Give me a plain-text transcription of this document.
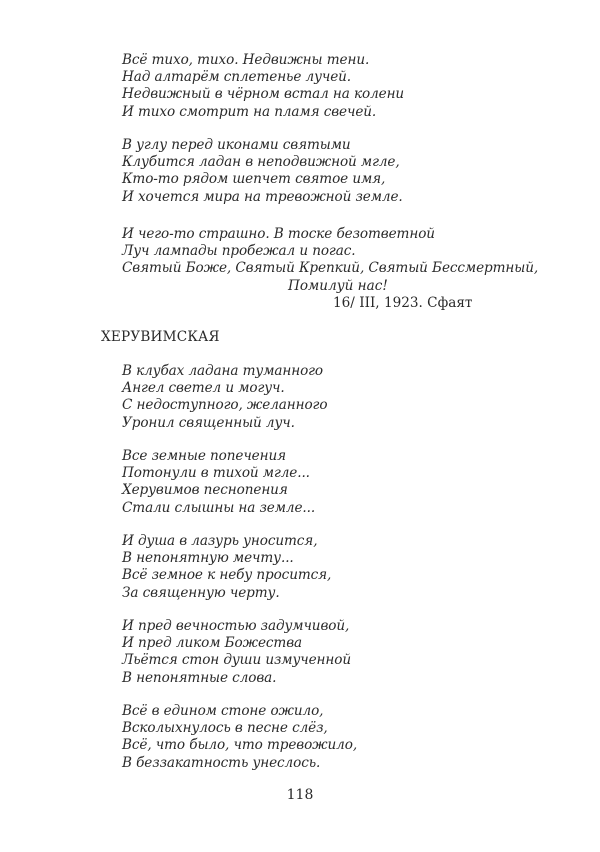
Всё тихо, тихо. Недвижны тени.
Над алтарём сплетенье лучей.
Недвижный в чёрном встал на колени
И тихо смотрит на пламя свечей.
В углу перед иконами святыми
Клубится ладан в неподвижной мгле,
Кто-то рядом шепчет святое имя,
И хочется мира на тревожной земле.
И чего-то страшно. В тоске безответной
Луч лампады пробежал и погас.
Святый Боже, Святый Крепкий, Святый Бессмертный,
Помилуй нас!
16/ III, 1923. Сфаят
ХЕРУВИМСКАЯ
В клубах ладана туманного
Ангел светел и могуч.
С недоступного, желанного
Уронил священный луч.
Все земные попечения
Потонули в тихой мгле...
Херувимов песнопения
Стали слышны на земле...
И душа в лазурь уносится,
В непонятную мечту...
Всё земное к небу просится,
За священную черту.
И пред вечностью задумчивой,
И пред ликом Божества
Льётся стон души измученной
В непонятные слова.
Всё в едином стоне ожило,
Всколыхнулось в песне слёз,
Всё, что было, что тревожило,
В беззакатность унеслось.
118
